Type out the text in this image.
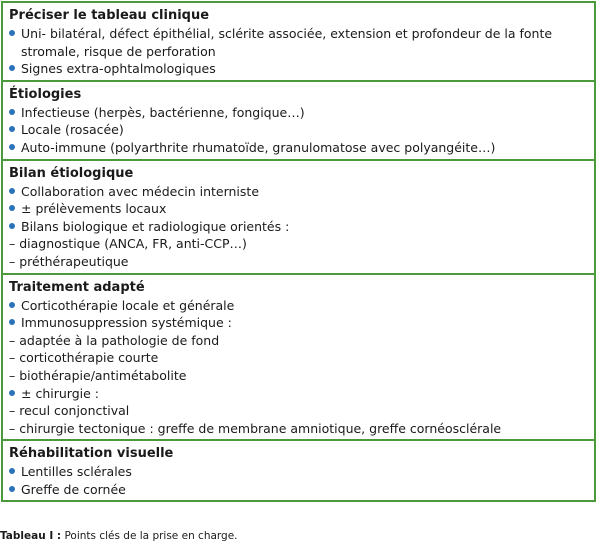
Préciser le tableau clinique
Uni- bilatéral, défect épithélial, sclérite associée, extension et profondeur de la fonte stromale, risque de perforation
Signes extra-ophtalmologiques
Étiologies
Infectieuse (herpès, bactérienne, fongique…)
Locale (rosacée)
Auto-immune (polyarthrite rhumatoïde, granulomatose avec polyangéite…)
Bilan étiologique
Collaboration avec médecin interniste
± prélèvements locaux
Bilans biologique et radiologique orientés :
– diagnostique (ANCA, FR, anti-CCP…)
– préthérapeutique
Traitement adapté
Corticothérapie locale et générale
Immunosuppression systémique :
– adaptée à la pathologie de fond
– corticothérapie courte
– biothérapie/antimétabolite
± chirurgie :
– recul conjonctival
– chirurgie tectonique : greffe de membrane amniotique, greffe cornéosclérale
Réhabilitation visuelle
Lentilles sclérales
Greffe de cornée
Tableau I : Points clés de la prise en charge.
